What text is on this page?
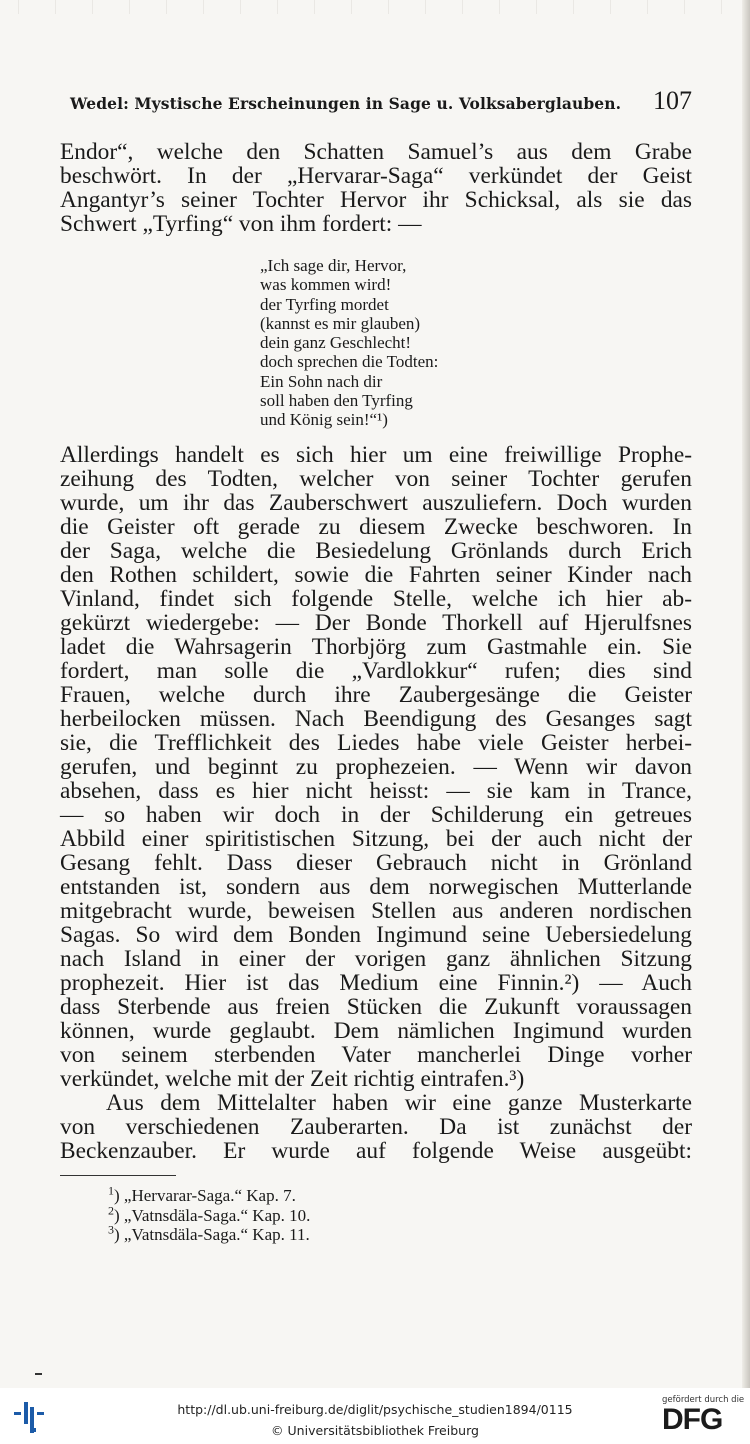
Wedel: Mystische Erscheinungen in Sage u. Volksaberglauben. 107
Endor“, welche den Schatten Samuel’s aus dem Grabe
beschwört. In der „Hervarar-Saga“ verkündet der Geist
Angantyr’s seiner Tochter Hervor ihr Schicksal, als sie das
Schwert „Tyrfing“ von ihm fordert: —
„Ich sage dir, Hervor,
was kommen wird!
der Tyrfing mordet
(kannst es mir glauben)
dein ganz Geschlecht!
doch sprechen die Todten:
Ein Sohn nach dir
soll haben den Tyrfing
und König sein!“¹)
Allerdings handelt es sich hier um eine freiwillige Prophe-
zeihung des Todten, welcher von seiner Tochter gerufen
wurde, um ihr das Zauberschwert auszuliefern. Doch wurden
die Geister oft gerade zu diesem Zwecke beschworen. In
der Saga, welche die Besiedelung Grönlands durch Erich
den Rothen schildert, sowie die Fahrten seiner Kinder nach
Vinland, findet sich folgende Stelle, welche ich hier ab-
gekürzt wiedergebe: — Der Bonde Thorkell auf Hjerulfsnes
ladet die Wahrsagerin Thorbjörg zum Gastmahle ein. Sie
fordert, man solle die „Vardlokkur“ rufen; dies sind
Frauen, welche durch ihre Zaubergesänge die Geister
herbeilocken müssen. Nach Beendigung des Gesanges sagt
sie, die Trefflichkeit des Liedes habe viele Geister herbei-
gerufen, und beginnt zu prophezeien. — Wenn wir davon
absehen, dass es hier nicht heisst: — sie kam in Trance,
— so haben wir doch in der Schilderung ein getreues
Abbild einer spiritistischen Sitzung, bei der auch nicht der
Gesang fehlt. Dass dieser Gebrauch nicht in Grönland
entstanden ist, sondern aus dem norwegischen Mutterlande
mitgebracht wurde, beweisen Stellen aus anderen nordischen
Sagas. So wird dem Bonden Ingimund seine Uebersiedelung
nach Island in einer der vorigen ganz ähnlichen Sitzung
prophezeit. Hier ist das Medium eine Finnin.²) — Auch
dass Sterbende aus freien Stücken die Zukunft voraussagen
können, wurde geglaubt. Dem nämlichen Ingimund wurden
von seinem sterbenden Vater mancherlei Dinge vorher
verkündet, welche mit der Zeit richtig eintrafen.³)
Aus dem Mittelalter haben wir eine ganze Musterkarte
von verschiedenen Zauberarten. Da ist zunächst der
Beckenzauber. Er wurde auf folgende Weise ausgeübt:
$^1$) „Hervarar-Saga.“ Kap. 7.
$^2$) „Vatnsdäla-Saga.“ Kap. 10.
$^3$) „Vatnsdäla-Saga.“ Kap. 11.
http://dl.ub.uni-freiburg.de/diglit/psychische_studien1894/0115
© Universitätsbibliothek Freiburg
gefördert durch die
DFG
